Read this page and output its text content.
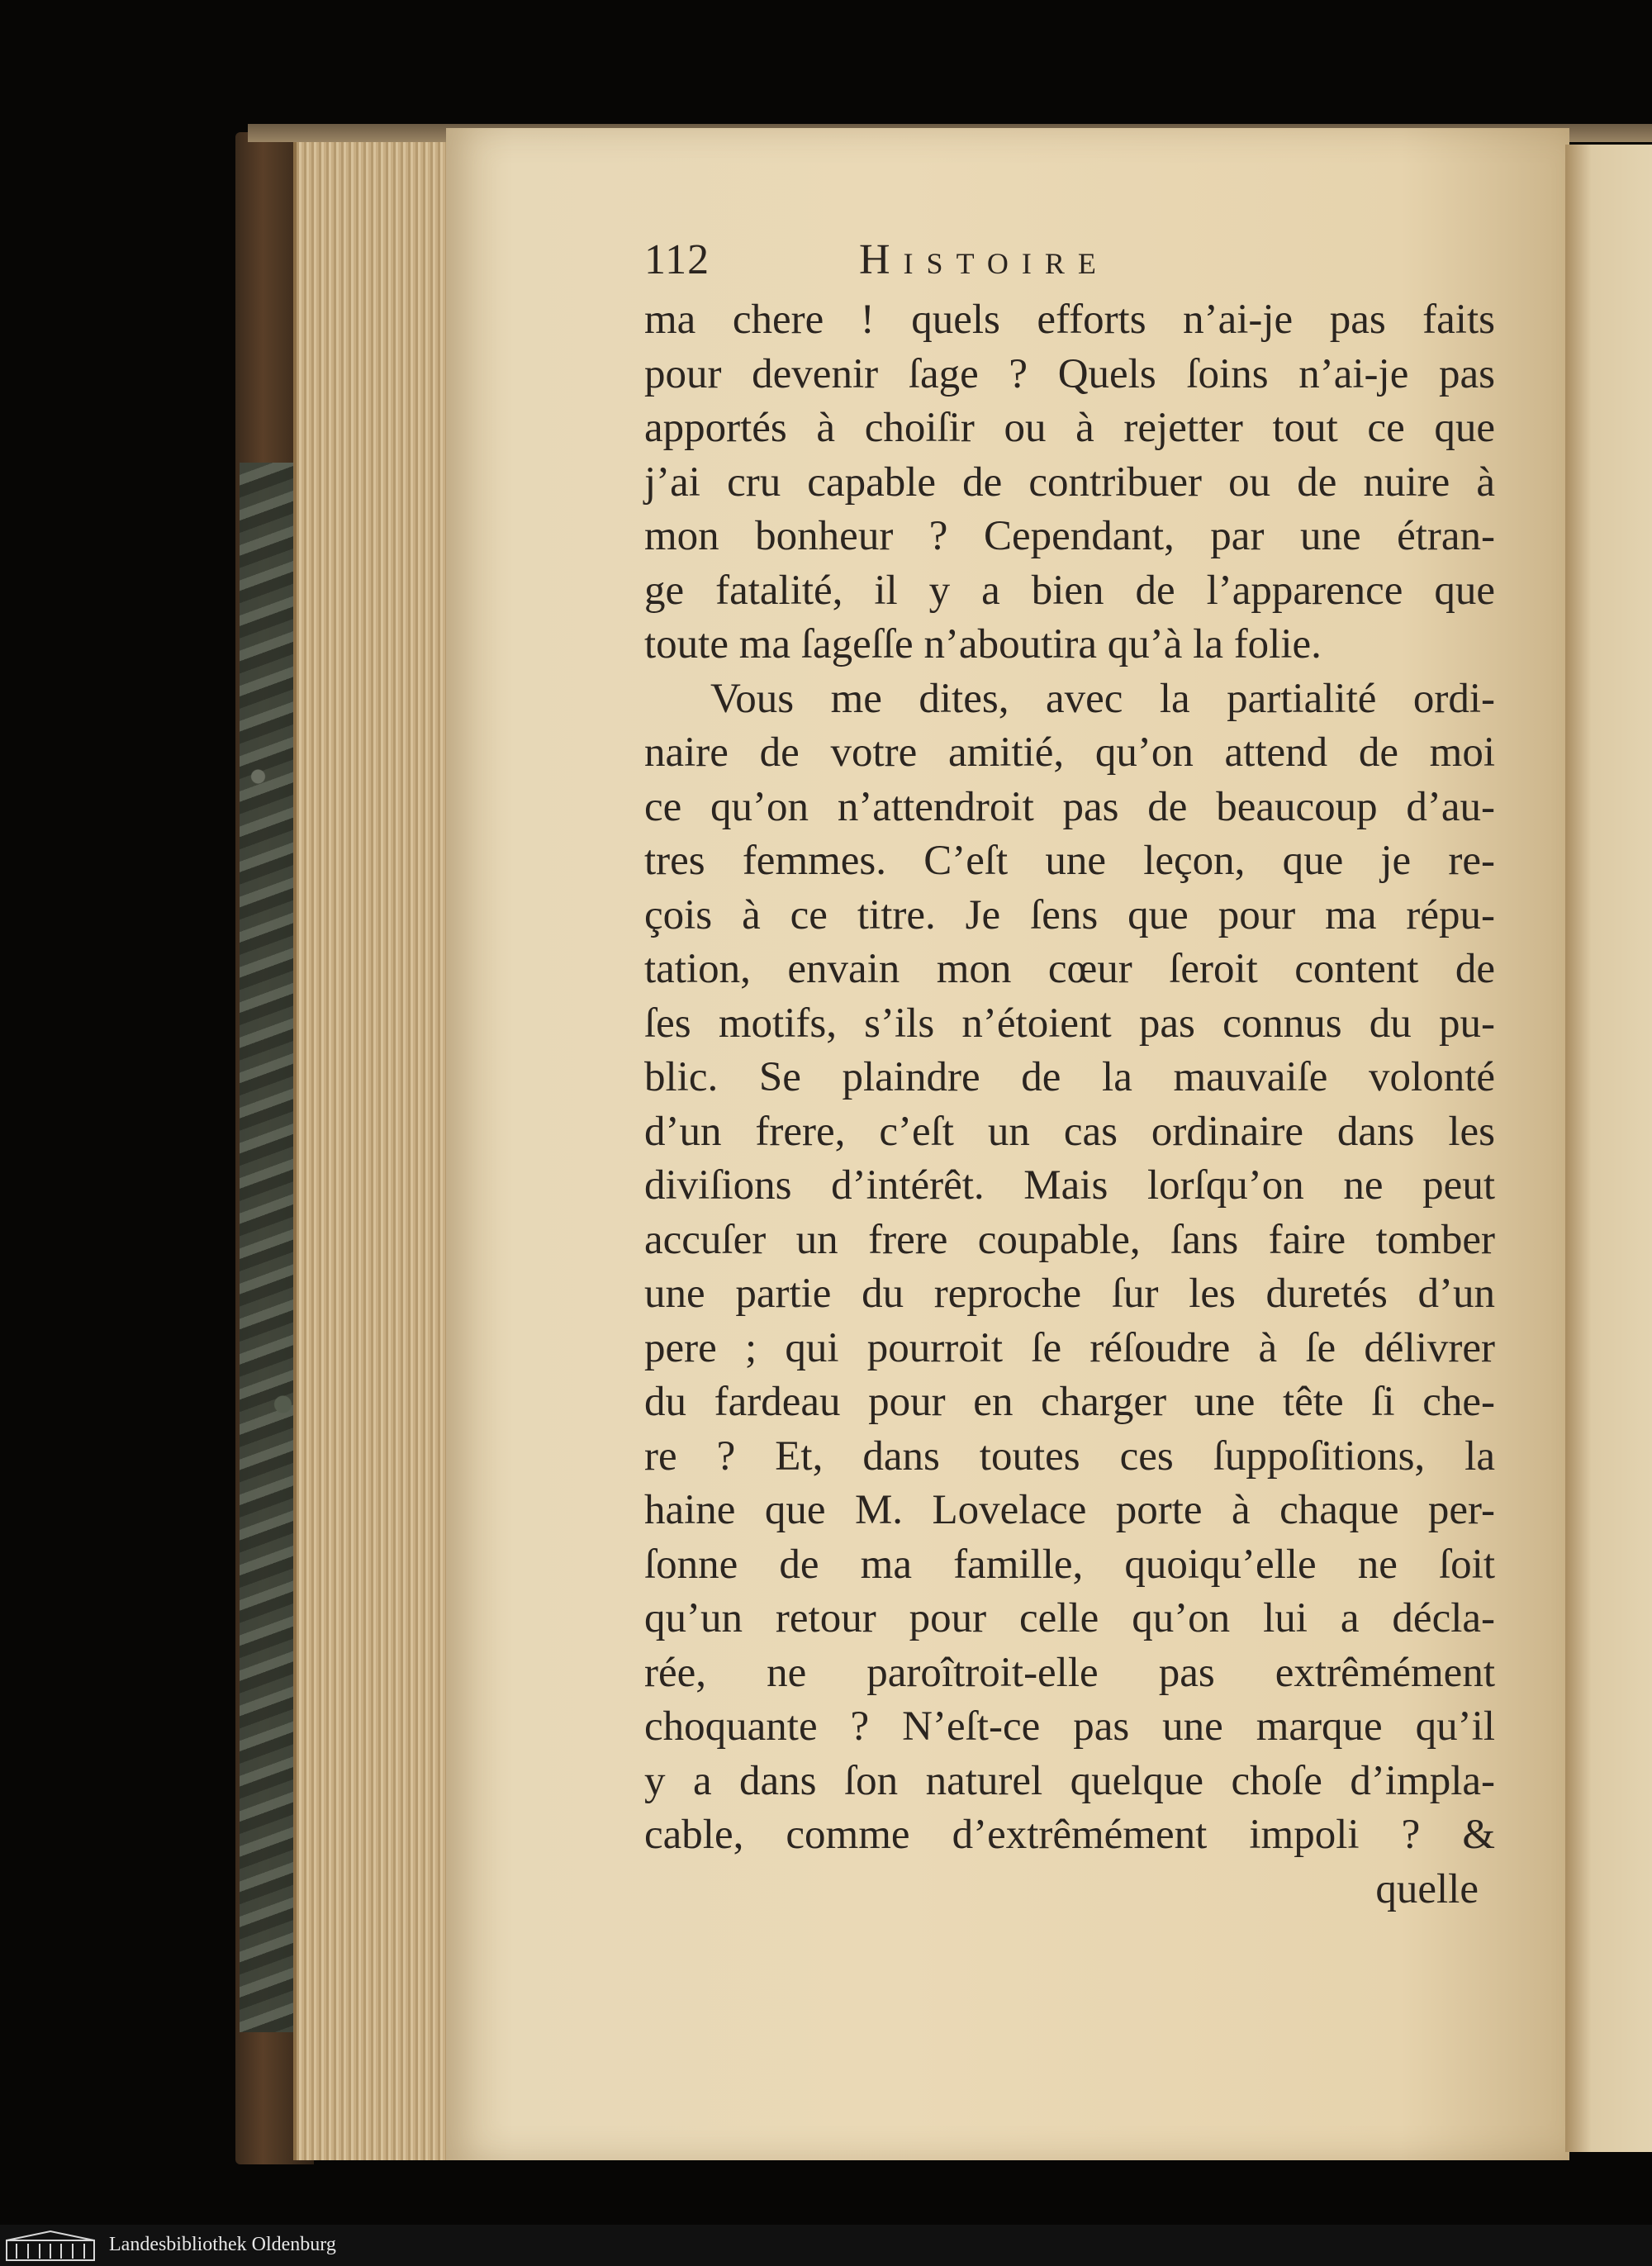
112	Histoire
ma chere ! quels efforts n’ai-je pas faits
pour devenir ſage ? Quels ſoins n’ai-je pas
apportés à choiſir ou à rejetter tout ce que
j’ai cru capable de contribuer ou de nuire à
mon bonheur ? Cependant, par une étran-
ge fatalité, il y a bien de l’apparence que
toute ma ſageſſe n’aboutira qu’à la folie.
Vous me dites, avec la partialité ordi-
naire de votre amitié, qu’on attend de moi
ce qu’on n’attendroit pas de beaucoup d’au-
tres femmes. C’eſt une leçon, que je re-
çois à ce titre. Je ſens que pour ma répu-
tation, envain mon cœur ſeroit content de
ſes motifs, s’ils n’étoient pas connus du pu-
blic. Se plaindre de la mauvaiſe volonté
d’un frere, c’eſt un cas ordinaire dans les
diviſions d’intérêt. Mais lorſqu’on ne peut
accuſer un frere coupable, ſans faire tomber
une partie du reproche ſur les duretés d’un
pere ; qui pourroit ſe réſoudre à ſe délivrer
du fardeau pour en charger une tête ſi che-
re ? Et, dans toutes ces ſuppoſitions, la
haine que M. Lovelace porte à chaque per-
ſonne de ma famille, quoiqu’elle ne ſoit
qu’un retour pour celle qu’on lui a décla-
rée, ne paroîtroit-elle pas extrêmément
choquante ? N’eſt-ce pas une marque qu’il
y a dans ſon naturel quelque choſe d’impla-
cable, comme d’extrêmément impoli ? &
quelle
Landesbibliothek Oldenburg
